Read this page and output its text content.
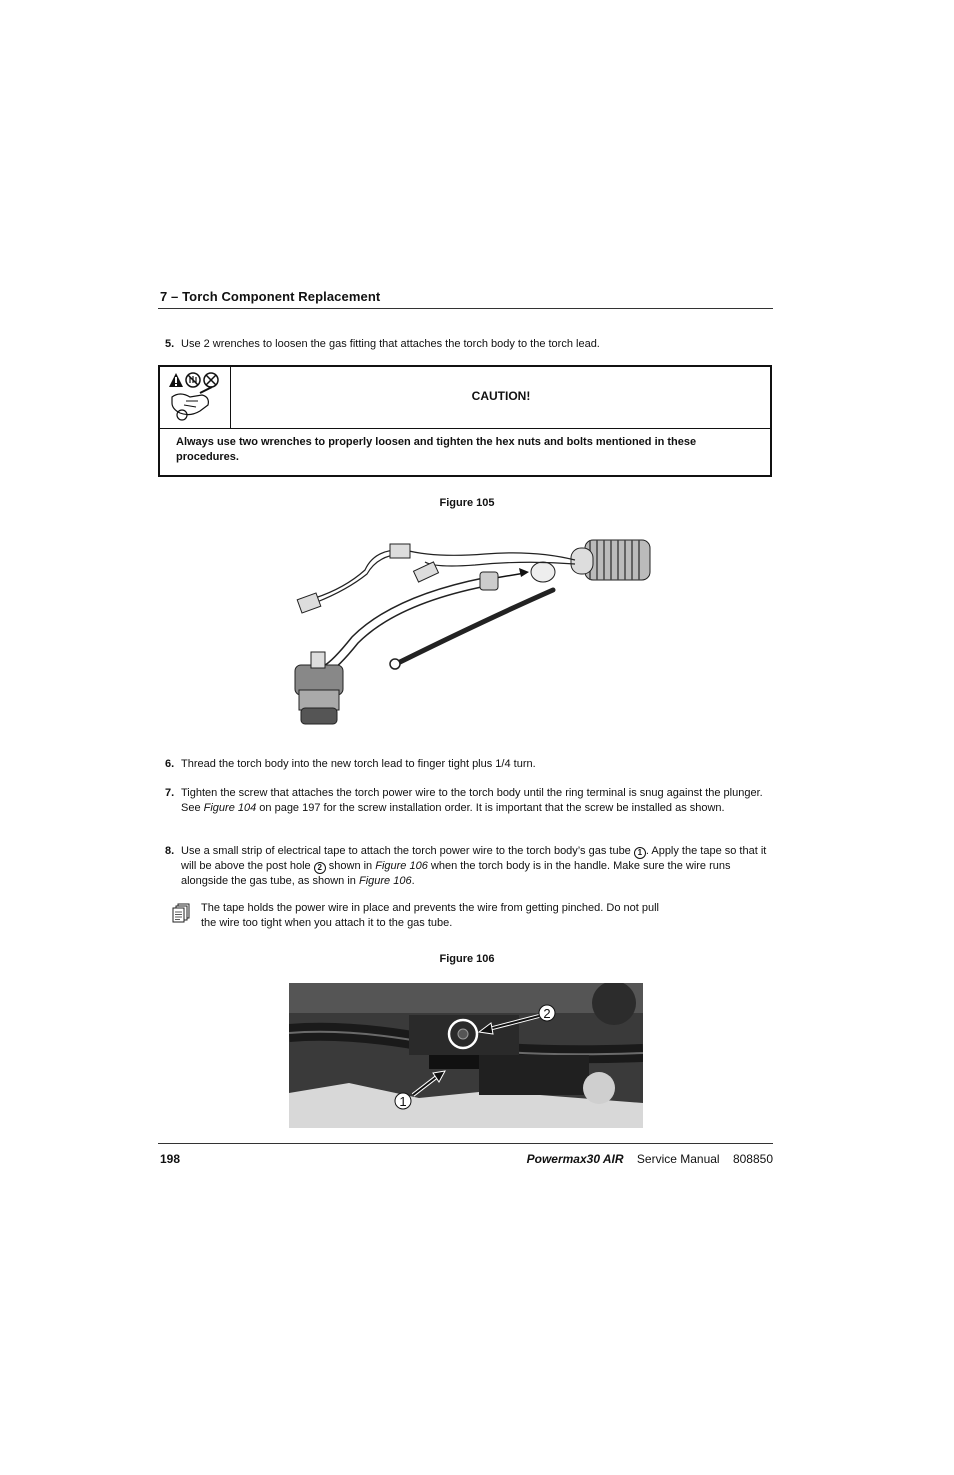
7 – Torch Component Replacement
5. Use 2 wrenches to loosen the gas fitting that attaches the torch body to the torch lead.
CAUTION!
Always use two wrenches to properly loosen and tighten the hex nuts and bolts mentioned in these procedures.
Figure 105
6. Thread the torch body into the new torch lead to finger tight plus 1/4 turn.
7. Tighten the screw that attaches the torch power wire to the torch body until the ring terminal is snug against the plunger. See Figure 104 on page 197 for the screw installation order. It is important that the screw be installed as shown.
8. Use a small strip of electrical tape to attach the torch power wire to the torch body’s gas tube 1 . Apply the tape so that it will be above the post hole 2 shown in Figure 106 when the torch body is in the handle. Make sure the wire runs alongside the gas tube, as shown in Figure 106.
The tape holds the power wire in place and prevents the wire from getting pinched. Do not pull the wire too tight when you attach it to the gas tube.
Figure 106
2
1
198	Powermax30 AIR Service Manual 808850
